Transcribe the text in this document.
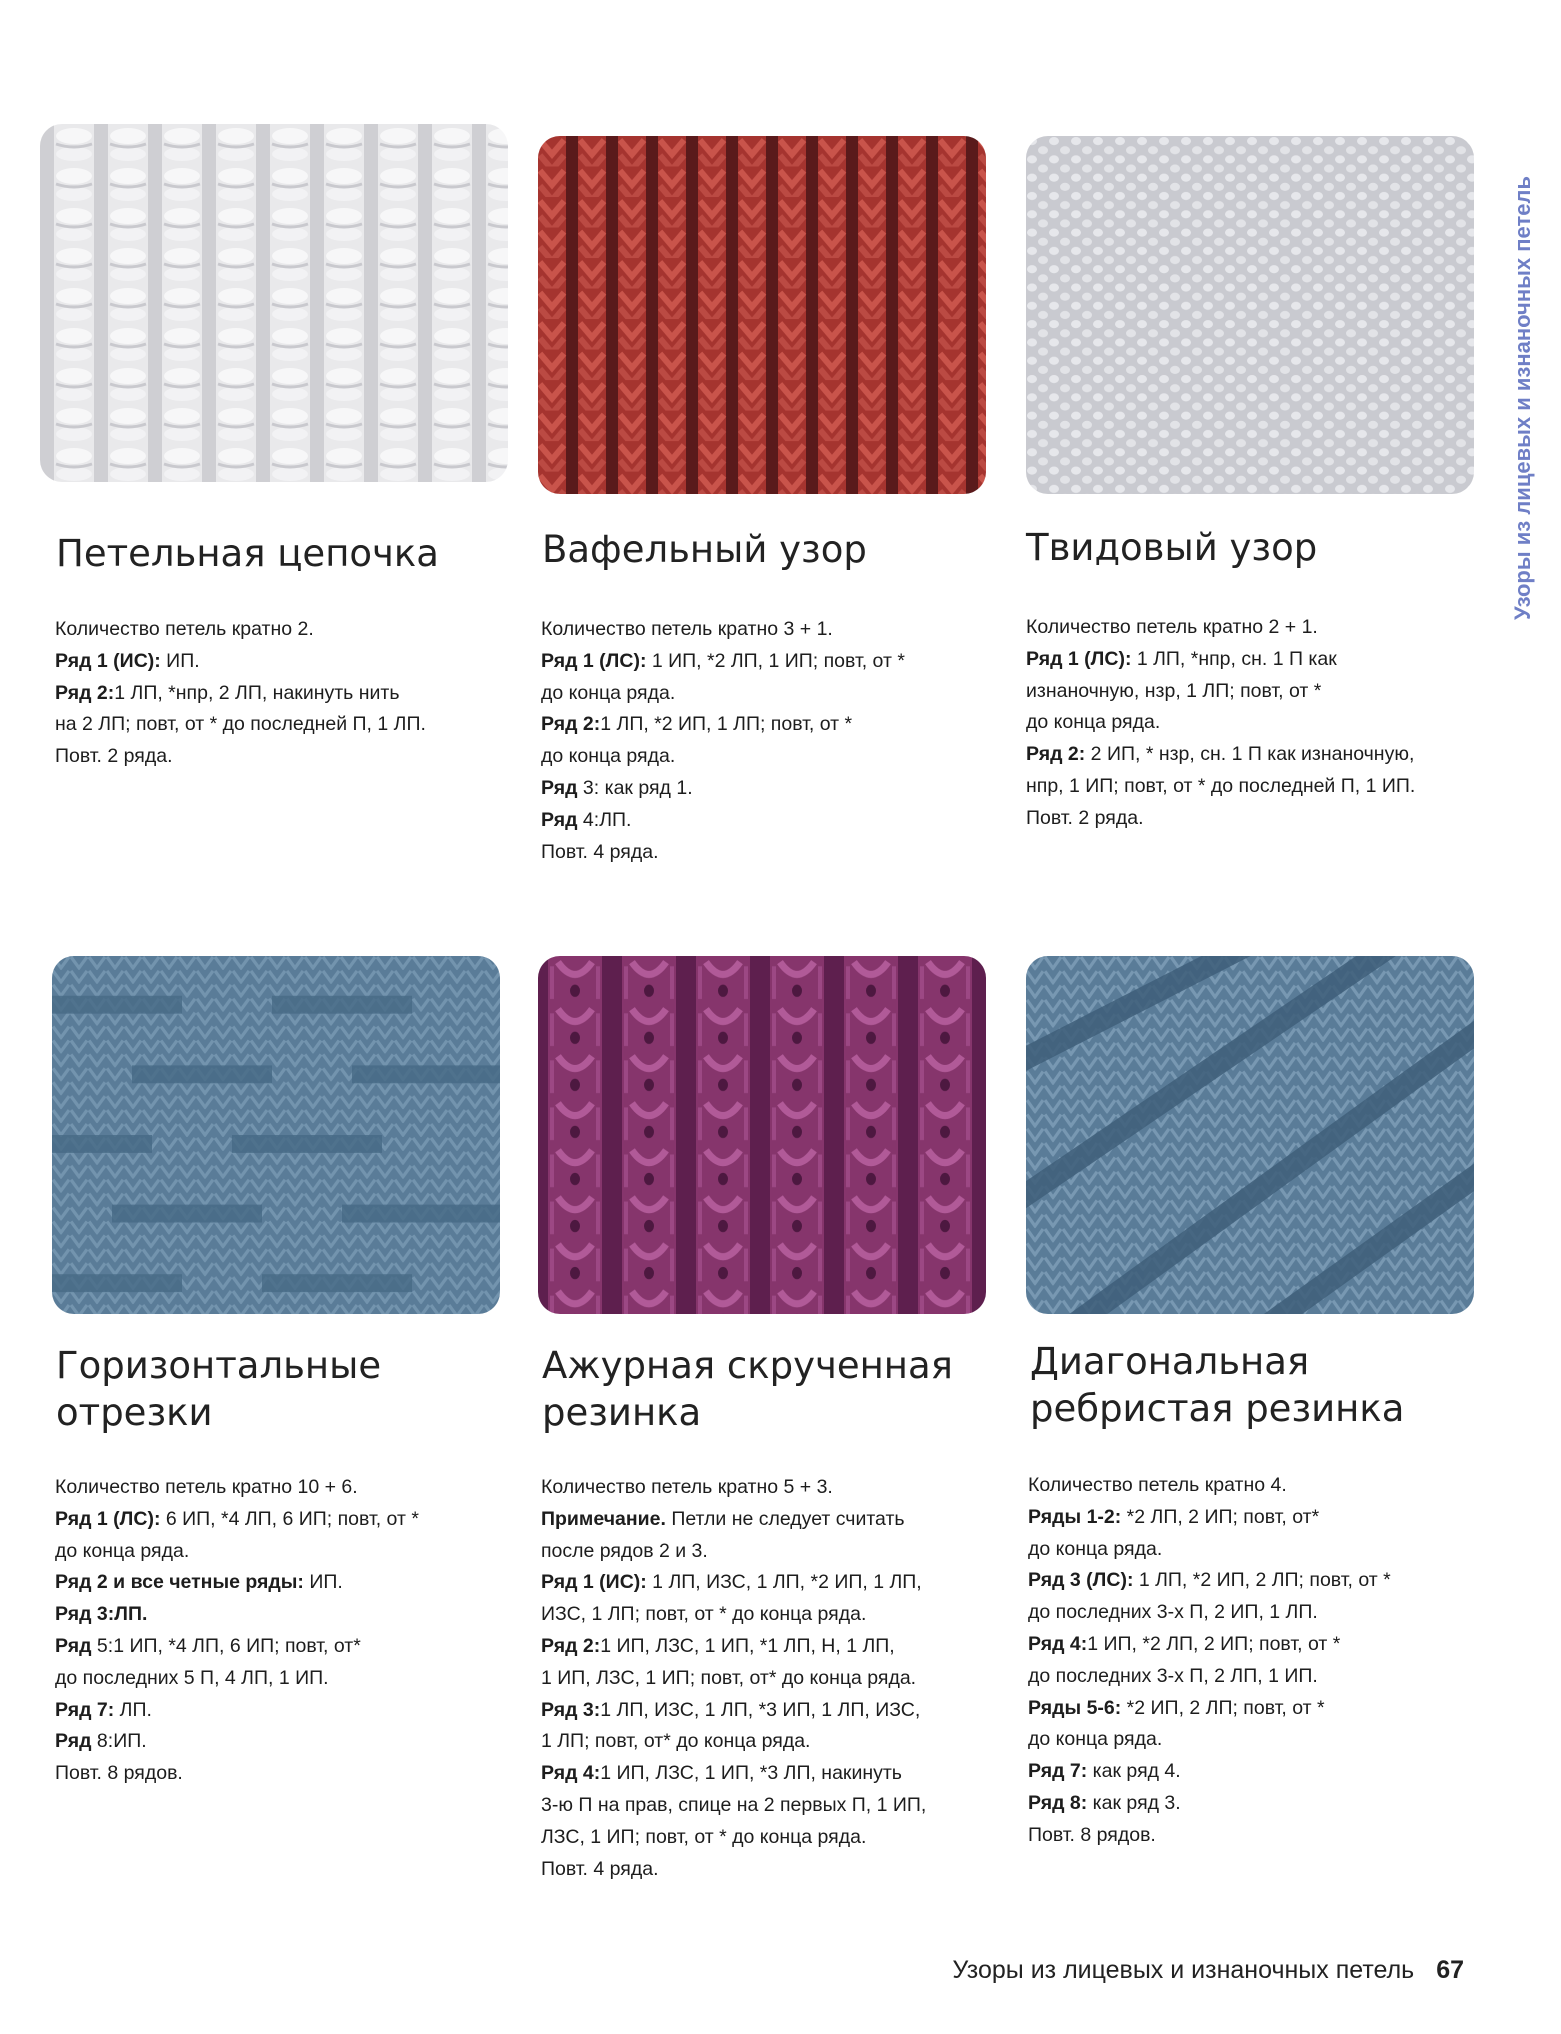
Узоры из лицевых и изнаночных петель
Петельная цепочка	Вафельный узор	Твидовый узор
Горизонтальные
отрезки
Ажурная скрученная
резинка
Диагональная
ребристая резинка

Количество петель кратно 2.

Ряд 1 (ИС): ИП.

Ряд 2:1 ЛП, *нпр, 2 ЛП, накинуть нить

на 2 ЛП; повт, от * до последней П, 1 ЛП.

Повт. 2 ряда.

Количество петель кратно 3 + 1.

Ряд 1 (ЛС): 1 ИП, *2 ЛП, 1 ИП; повт, от *

до конца ряда.

Ряд 2:1 ЛП, *2 ИП, 1 ЛП; повт, от *

до конца ряда.

Ряд 3: как ряд 1.

Ряд 4:ЛП.

Повт. 4 ряда.

Количество петель кратно 2 + 1.

Ряд 1 (ЛС): 1 ЛП, *нпр, сн. 1 П как

изнаночную, нзр, 1 ЛП; повт, от *

до конца ряда.

Ряд 2: 2 ИП, * нзр, сн. 1 П как изнаночную,

нпр, 1 ИП; повт, от * до последней П, 1 ИП.

Повт. 2 ряда.

Количество петель кратно 10 + 6.

Ряд 1 (ЛС): 6 ИП, *4 ЛП, 6 ИП; повт, от *

до конца ряда.

Ряд 2 и все четные ряды: ИП.

Ряд 3:ЛП.

Ряд 5:1 ИП, *4 ЛП, 6 ИП; повт, от*

до последних 5 П, 4 ЛП, 1 ИП.

Ряд 7: ЛП.

Ряд 8:ИП.

Повт. 8 рядов.

Количество петель кратно 5 + 3.

Примечание. Петли не следует считать

после рядов 2 и 3.

Ряд 1 (ИС): 1 ЛП, ИЗС, 1 ЛП, *2 ИП, 1 ЛП,

ИЗС, 1 ЛП; повт, от * до конца ряда.

Ряд 2:1 ИП, ЛЗС, 1 ИП, *1 ЛП, Н, 1 ЛП,

1 ИП, ЛЗС, 1 ИП; повт, от* до конца ряда.

Ряд 3:1 ЛП, ИЗС, 1 ЛП, *3 ИП, 1 ЛП, ИЗС,

1 ЛП; повт, от* до конца ряда.

Ряд 4:1 ИП, ЛЗС, 1 ИП, *3 ЛП, накинуть

3-ю П на прав, спице на 2 первых П, 1 ИП,

ЛЗС, 1 ИП; повт, от * до конца ряда.

Повт. 4 ряда.

Количество петель кратно 4.

Ряды 1-2: *2 ЛП, 2 ИП; повт, от*

до конца ряда.

Ряд 3 (ЛС): 1 ЛП, *2 ИП, 2 ЛП; повт, от *

до последних 3-х П, 2 ИП, 1 ЛП.

Ряд 4:1 ИП, *2 ЛП, 2 ИП; повт, от *

до последних 3-х П, 2 ЛП, 1 ИП.

Ряды 5-6: *2 ИП, 2 ЛП; повт, от *

до конца ряда.

Ряд 7: как ряд 4.

Ряд 8: как ряд 3.

Повт. 8 рядов.

Узоры из лицевых и изнаночных петель 67
